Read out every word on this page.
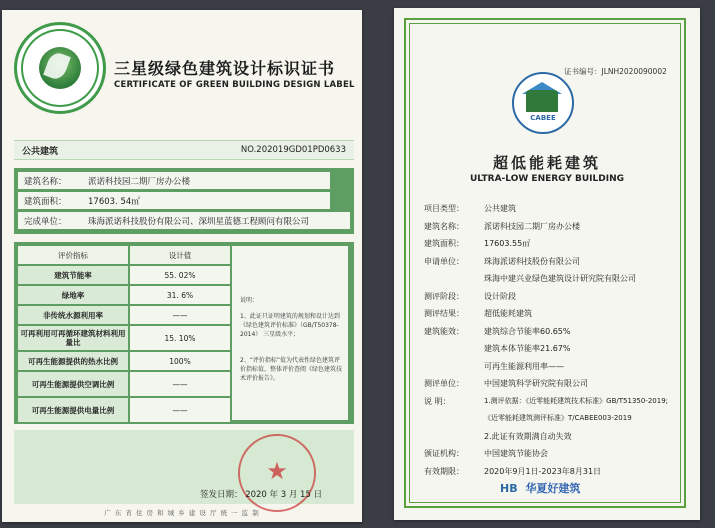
三星级绿色建筑设计标识证书
CERTIFICATE OF GREEN BUILDING DESIGN LABEL
公共建筑	NO.202019GD01PD0633
建筑名称：	派诺科技园二期厂房办公楼
建筑面积：	17603. 54㎡
完成单位：	珠海派诺科技股份有限公司、深圳星蓝德工程顾问有限公司
评价指标	设计值
建筑节能率	55. 02%
绿地率	31. 6%
非传统水源利用率	——
可再利用可再循环建筑材料利用量比	15. 10%
可再生能源提供的热水比例	100%
可再生能源提供空调比例	——
可再生能源提供电量比例	——
说明：
1、此证只证明建筑的规划和设计达到《绿色建筑评价标准》（GB/T50378-2014） 三星级水平；
2、“评价指标”值为代表性绿色建筑评价指标值，整体评价查阅《绿色建筑技术评价报告》。
★
签发日期： 2020 年 3 月 15 日
广 东 省 住 房 和 城 乡 建 设 厅 统 一 监 制
证书编号：JLNH2020090002
CABEE
超低能耗建筑
ULTRA-LOW ENERGY BUILDING
项目类型：	公共建筑
建筑名称：	派诺科技园二期厂房办公楼
建筑面积：	17603.55㎡
申请单位：	珠海派诺科技股份有限公司
珠海中建兴业绿色建筑设计研究院有限公司
测评阶段：	设计阶段
测评结果：	超低能耗建筑
建筑能效：	建筑综合节能率60.65%
建筑本体节能率21.67%
可再生能源利用率——
测评单位：	中国建筑科学研究院有限公司
说 明：	1.测评依据：《近零能耗建筑技术标准》GB/T51350-2019;
《近零能耗建筑测评标准》T/CABEE003-2019
2.此证有效期满自动失效
颁证机构：	中国建筑节能协会
有效期限：	2020年9月1日-2023年8月31日
HB 华夏好建筑
